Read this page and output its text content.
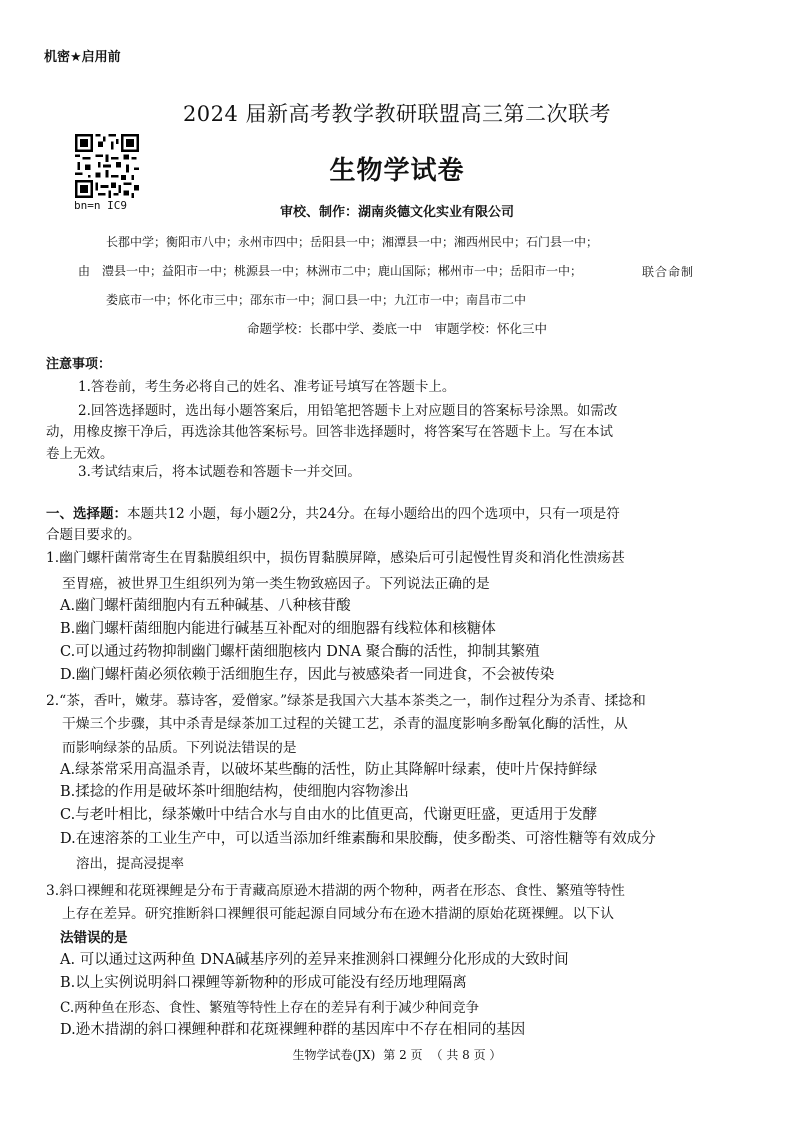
机密★启用前
2024 届新高考教学教研联盟高三第二次联考
bn=n IC9
生物学试卷
审校、制作：湖南炎德文化实业有限公司
长郡中学；衡阳市八中；永州市四中；岳阳县一中；湘潭县一中；湘西州民中；石门县一中；
由 澧县一中；益阳市一中；桃源县一中；林洲市二中；鹿山国际；郴州市一中；岳阳市一中；	联合命制
娄底市一中；怀化市三中；邵东市一中；洞口县一中；九江市一中；南昌市二中
命题学校：长郡中学、娄底一中　审题学校：怀化三中
注意事项：
1.答卷前，考生务必将自己的姓名、准考证号填写在答题卡上。
2.回答选择题时，选出每小题答案后，用铅笔把答题卡上对应题目的答案标号涂黑。如需改
动，用橡皮擦干净后，再选涂其他答案标号。回答非选择题时，将答案写在答题卡上。写在本试
卷上无效。
3.考试结束后，将本试题卷和答题卡一并交回。
一、选择题：本题共12 小题，每小题2分，共24分。在每小题给出的四个选项中，只有一项是符
合题目要求的。
1.幽门螺杆菌常寄生在胃黏膜组织中，损伤胃黏膜屏障，感染后可引起慢性胃炎和消化性溃疡甚
至胃癌，被世界卫生组织列为第一类生物致癌因子。下列说法正确的是
A.幽门螺杆菌细胞内有五种碱基、八种核苷酸
B.幽门螺杆菌细胞内能进行碱基互补配对的细胞器有线粒体和核糖体
C.可以通过药物抑制幽门螺杆菌细胞核内 DNA 聚合酶的活性，抑制其繁殖
D.幽门螺杆菌必须依赖于活细胞生存，因此与被感染者一同进食，不会被传染
2.“茶，香叶，嫩芽。慕诗客，爱僧家。”绿茶是我国六大基本茶类之一，制作过程分为杀青、揉捻和
干燥三个步骤，其中杀青是绿茶加工过程的关键工艺，杀青的温度影响多酚氧化酶的活性，从
而影响绿茶的品质。下列说法错误的是
A.绿茶常采用高温杀青，以破坏某些酶的活性，防止其降解叶绿素，使叶片保持鲜绿
B.揉捻的作用是破坏茶叶细胞结构，使细胞内容物渗出
C.与老叶相比，绿茶嫩叶中结合水与自由水的比值更高，代谢更旺盛，更适用于发酵
D.在速溶茶的工业生产中，可以适当添加纤维素酶和果胶酶，使多酚类、可溶性糖等有效成分
溶出，提高浸提率
3.斜口裸鲤和花斑裸鲤是分布于青藏高原逊木措湖的两个物种，两者在形态、食性、繁殖等特性
上存在差异。研究推断斜口裸鲤很可能起源自同域分布在逊木措湖的原始花斑裸鲤。以下认
法错误的是
A. 可以通过这两种鱼 DNA碱基序列的差异来推测斜口裸鲤分化形成的大致时间
B.以上实例说明斜口裸鲤等新物种的形成可能没有经历地理隔离
C.两种鱼在形态、食性、繁殖等特性上存在的差异有利于减少种间竞争
D.逊木措湖的斜口裸鲤种群和花斑裸鲤种群的基因库中不存在相同的基因
生物学试卷(JX) 第 2 页 （ 共 8 页 ）
